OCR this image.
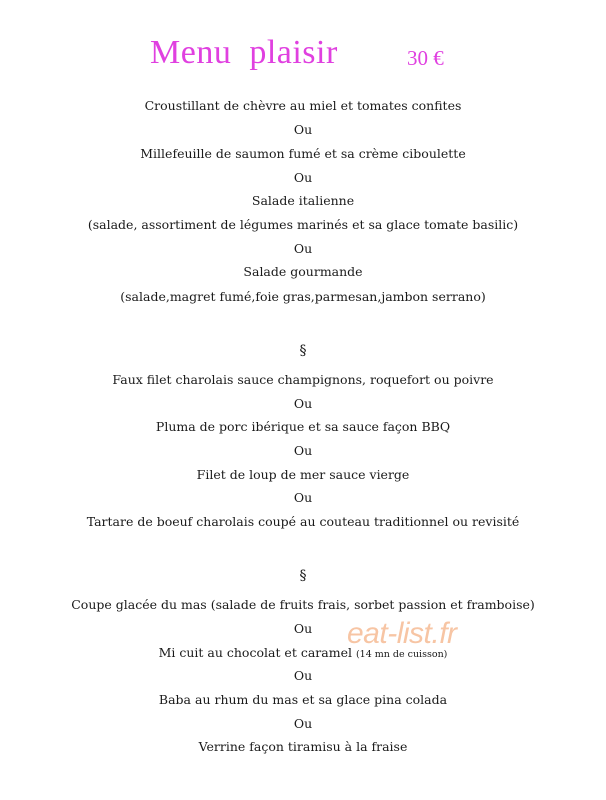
Menu  plaisir	30 €
Croustillant de chèvre au miel et tomates confites
Ou
Millefeuille de saumon fumé et sa crème ciboulette
Ou
Salade italienne
(salade, assortiment de légumes marinés et sa glace tomate basilic)
Ou
Salade gourmande
(salade,magret fumé,foie gras,parmesan,jambon serrano)
§
Faux filet charolais sauce champignons, roquefort ou poivre
Ou
Pluma de porc ibérique et sa sauce façon BBQ
Ou
Filet de loup de mer sauce vierge
Ou
Tartare de boeuf charolais coupé au couteau traditionnel ou revisité
§
Coupe glacée du mas (salade de fruits frais, sorbet passion et framboise)
Ou
Mi cuit au chocolat et caramel (14 mn de cuisson)
Ou
Baba au rhum du mas et sa glace pina colada
Ou
Verrine façon tiramisu à la fraise
eat-list.fr
